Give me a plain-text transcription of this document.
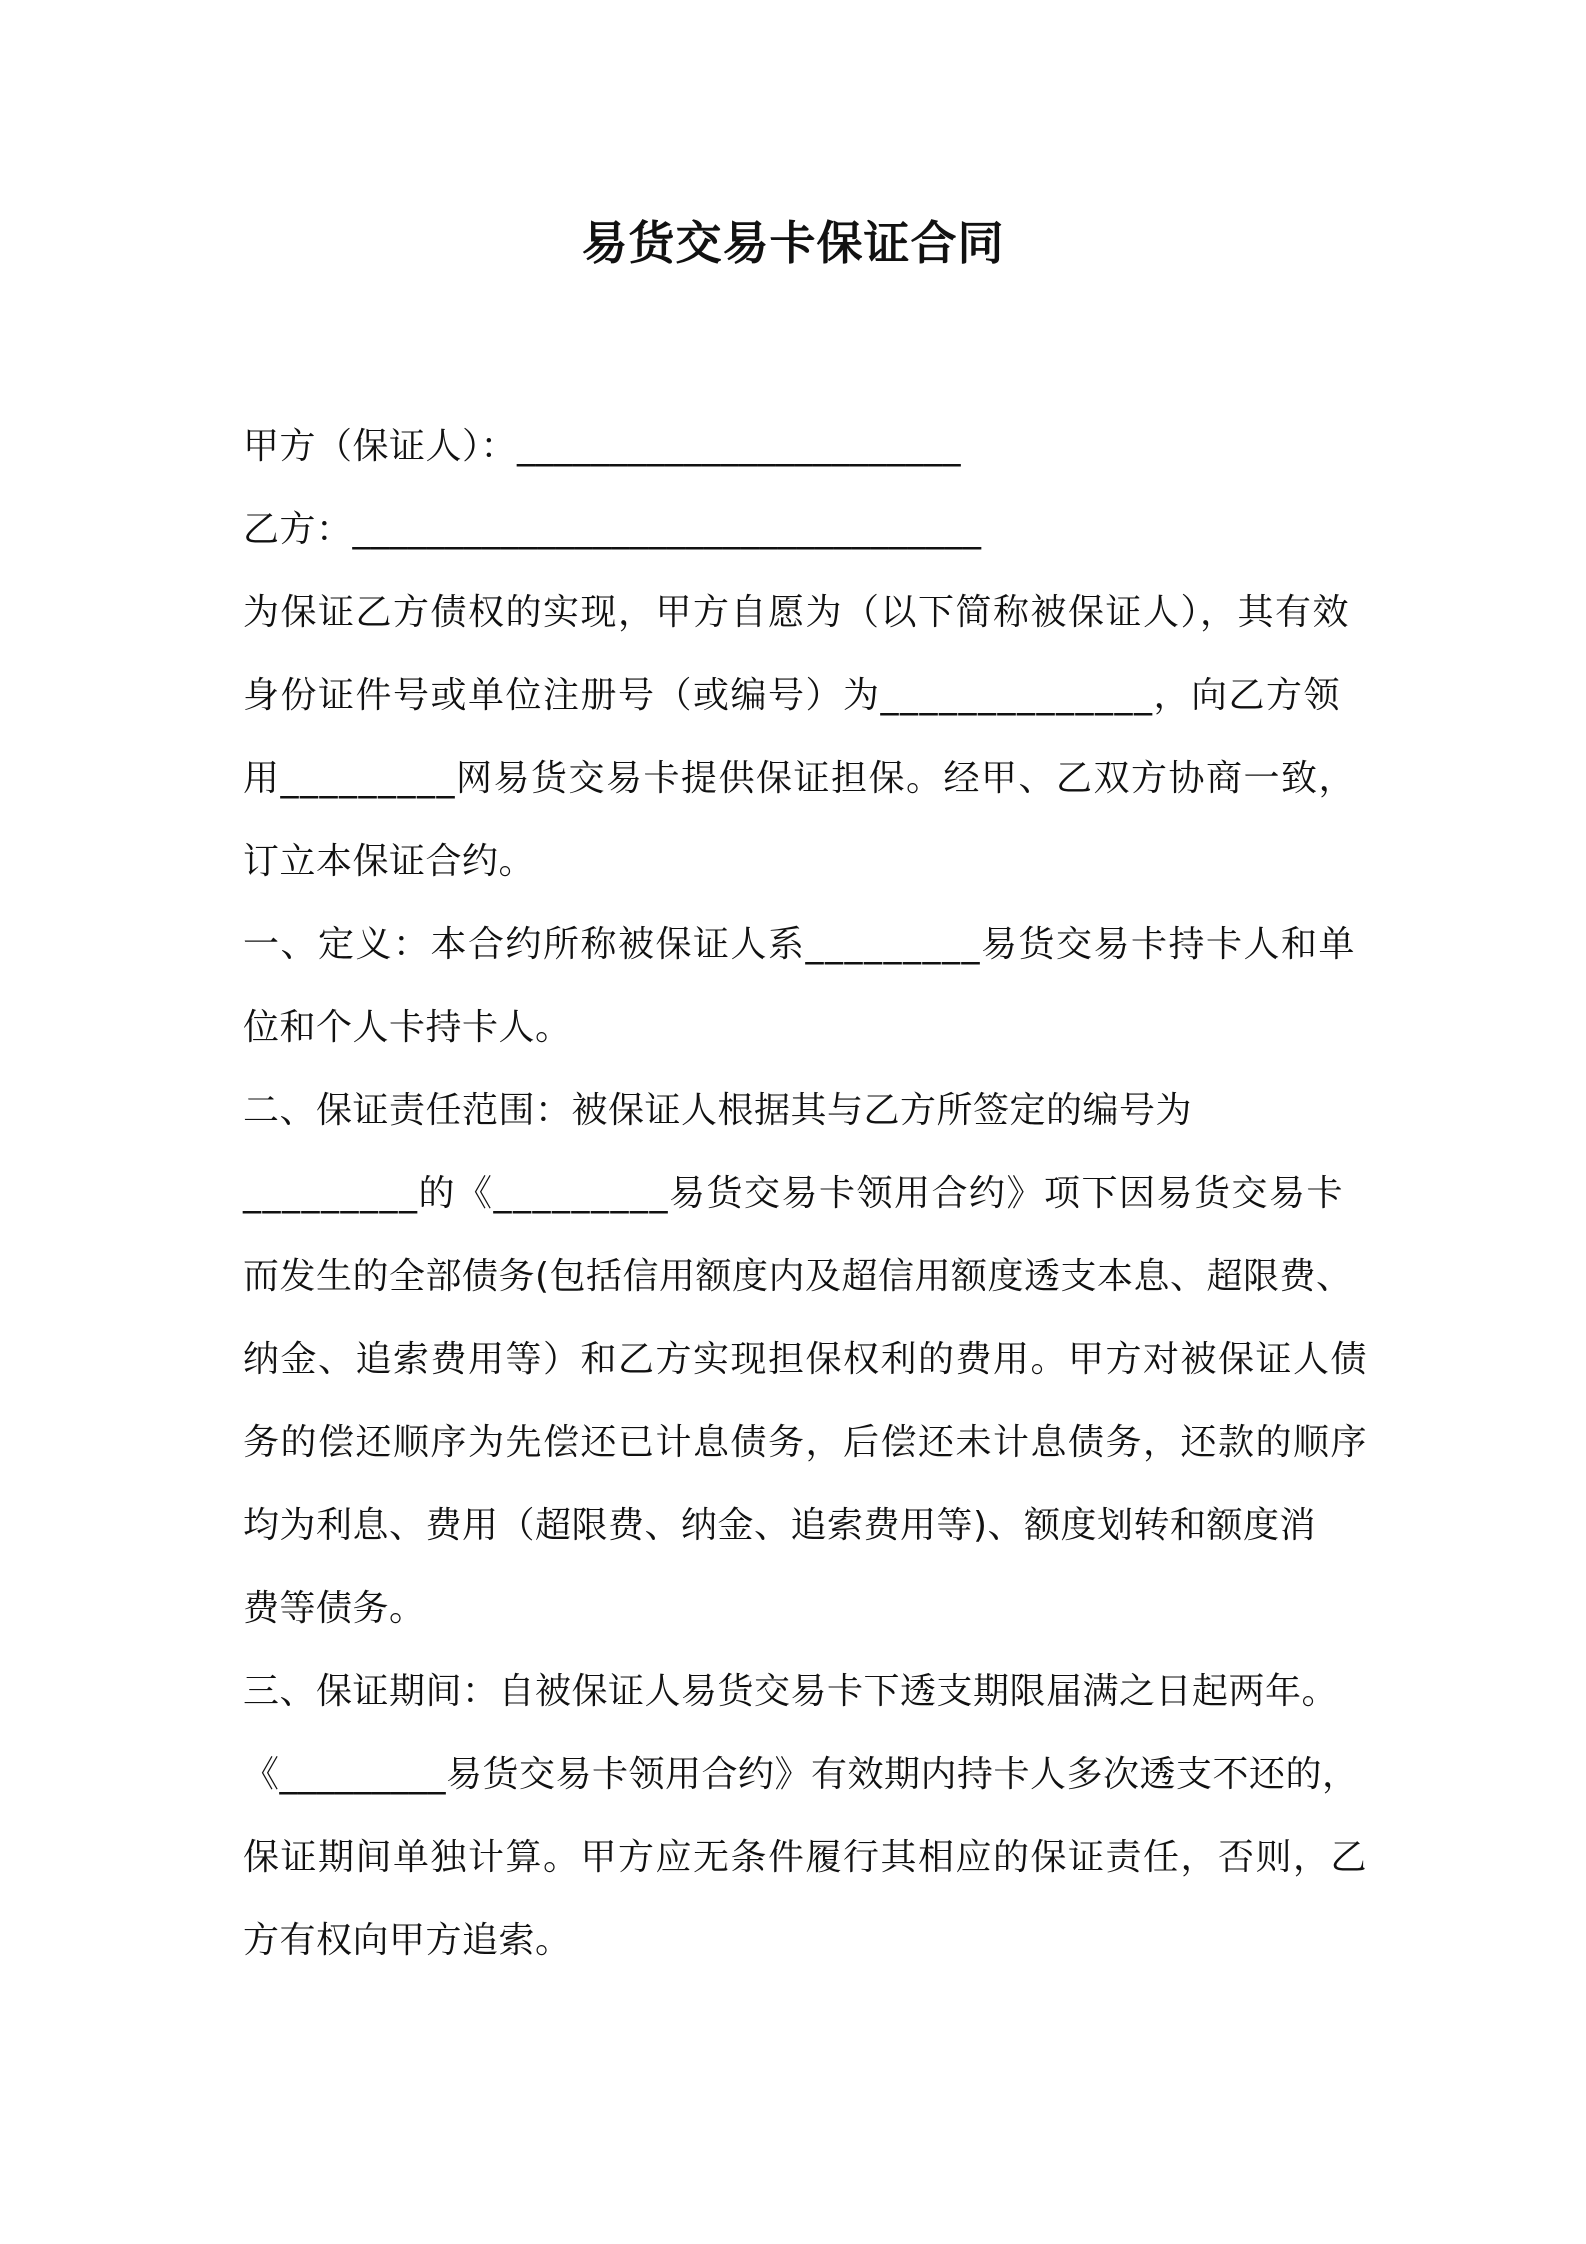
易货交易卡保证合同
甲方（保证人）：________________________
乙方：__________________________________
为保证乙方债权的实现，甲方自愿为（以下简称被保证人），其有效
身份证件号或单位注册号（或编号）为______________，向乙方领
用_________网易货交易卡提供保证担保。经甲、乙双方协商一致，
订立本保证合约。
一、定义：本合约所称被保证人系_________易货交易卡持卡人和单
位和个人卡持卡人。
二、保证责任范围：被保证人根据其与乙方所签定的编号为
_________的《_________易货交易卡领用合约》项下因易货交易卡
而发生的全部债务(包括信用额度内及超信用额度透支本息、超限费、
纳金、追索费用等）和乙方实现担保权利的费用。甲方对被保证人债
务的偿还顺序为先偿还已计息债务，后偿还未计息债务，还款的顺序
均为利息、费用（超限费、纳金、追索费用等)、额度划转和额度消
费等债务。
三、保证期间：自被保证人易货交易卡下透支期限届满之日起两年。
《_________易货交易卡领用合约》有效期内持卡人多次透支不还的，
保证期间单独计算。甲方应无条件履行其相应的保证责任，否则，乙
方有权向甲方追索。
